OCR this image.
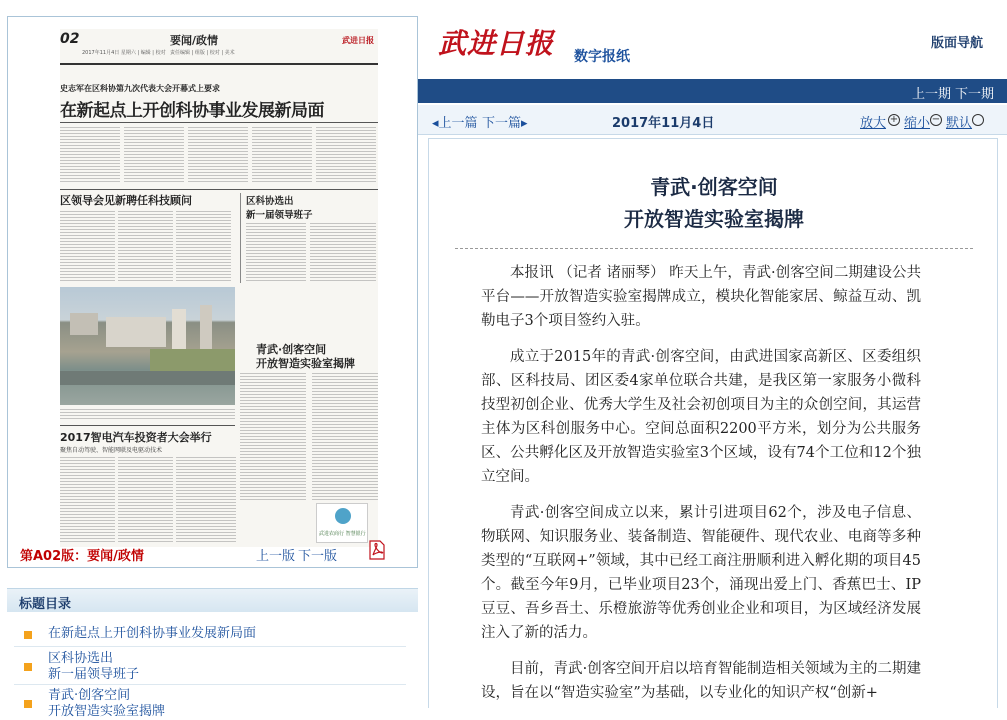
02
2017年11月4日 星期六 | 编辑 | 校对
要闻/政情
责任编辑 | 组版 | 校对 | 美术
武进日报
史志军在区科协第九次代表大会开幕式上要求
在新起点上开创科协事业发展新局面
区领导会见新聘任科技顾问	区科协选出
新一届领导班子
青武·创客空间
开放智造实验室揭牌
2017智电汽车投资者大会举行
聚焦自动驾驶、智能网联及电驱动技术
武进农商行 智慧银行
第A02版：要闻/政情	上一版 下一版
标题目录
在新起点上开创科协事业发展新局面
区科协选出
新一届领导班子
青武·创客空间
开放智造实验室揭牌
武进日报 数字报纸
版面导航
上一期 下一期
◂上一篇 下一篇▸	2017年11月4日	放大 + 缩小 − 默认
青武·创客空间
开放智造实验室揭牌

本报讯 （记者 诸丽琴） 昨天上午，青武·创客空间二期建设公共平台——开放智造实验室揭牌成立，模块化智能家居、鲸益互动、凯勒电子3个项目签约入驻。

成立于2015年的青武·创客空间，由武进国家高新区、区委组织部、区科技局、团区委4家单位联合共建，是我区第一家服务小微科技型初创企业、优秀大学生及社会初创项目为主的众创空间，其运营主体为区科创服务中心。空间总面积2200平方米，划分为公共服务区、公共孵化区及开放智造实验室3个区域，设有74个工位和12个独立空间。

青武·创客空间成立以来，累计引进项目62个，涉及电子信息、物联网、知识服务业、装备制造、智能硬件、现代农业、电商等多种类型的“互联网+”领域，其中已经工商注册顺利进入孵化期的项目45个。截至今年9月，已毕业项目23个，涌现出爱上门、香蕉巴士、IP豆豆、吾乡吾土、乐橙旅游等优秀创业企业和项目，为区域经济发展注入了新的活力。

目前，青武·创客空间开启以培育智能制造相关领域为主的二期建设，旨在以“智造实验室”为基础，以专业化的知识产权“创新+
